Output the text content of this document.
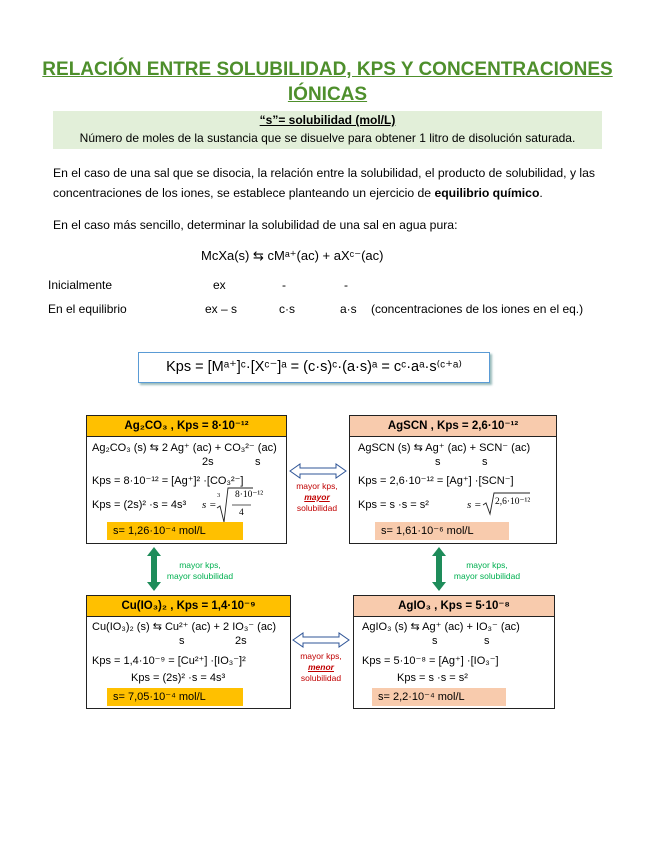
RELACIÓN ENTRE SOLUBILIDAD, KPS Y CONCENTRACIONES IÓNICAS
“s”= solubilidad (mol/L)
Número de moles de la sustancia que se disuelve para obtener 1 litro de disolución saturada.
En el caso de una sal que se disocia, la relación entre la solubilidad, el producto de solubilidad, y las concentraciones de los iones, se establece planteando un ejercicio de equilibrio químico.
En el caso más sencillo, determinar la solubilidad de una sal en agua pura:
McXa(s) ⇆ cMᵃ⁺(ac) + aXᶜ⁻(ac)
Inicialmente	ex	-	-
En el equilibrio	ex – s	c·s	a·s (concentraciones de los iones en el eq.)
Kps = [Mᵃ⁺]ᶜ·[Xᶜ⁻]ᵃ = (c·s)ᶜ·(a·s)ᵃ = cᶜ·aᵃ·s⁽ᶜ⁺ᵃ⁾
Ag₂CO₃ , Kps = 8·10⁻¹²
Ag₂CO₃ (s) ⇆ 2 Ag⁺ (ac) + CO₃²⁻ (ac)
2s	s
Kps = 8·10⁻¹² = [Ag⁺]² ·[CO₃²⁻]
Kps = (2s)² ·s = 4s³ s =
3 8·10⁻¹²
4
s= 1,26·10⁻⁴ mol/L
AgSCN , Kps = 2,6·10⁻¹²
AgSCN (s) ⇆ Ag⁺ (ac) + SCN⁻ (ac)
s	s
Kps = 2,6·10⁻¹² = [Ag⁺] ·[SCN⁻]
Kps = s ·s = s²	s = 2,6·10⁻¹²
s= 1,61·10⁻⁶ mol/L
Cu(IO₃)₂ , Kps = 1,4·10⁻⁹
Cu(IO₃)₂ (s) ⇆ Cu²⁺ (ac) + 2 IO₃⁻ (ac)
s	2s
Kps = 1,4·10⁻⁹ = [Cu²⁺] ·[IO₃⁻]²
Kps = (2s)² ·s = 4s³
s= 7,05·10⁻⁴ mol/L
AgIO₃ , Kps = 5·10⁻⁸
AgIO₃ (s) ⇆ Ag⁺ (ac) + IO₃⁻ (ac)
s	s
Kps = 5·10⁻⁸ = [Ag⁺] ·[IO₃⁻]
Kps = s ·s = s²
s= 2,2·10⁻⁴ mol/L
mayor kps,
mayor
solubilidad
mayor kps,
menor
solubilidad
mayor kps,
mayor solubilidad
mayor kps,
mayor solubilidad
